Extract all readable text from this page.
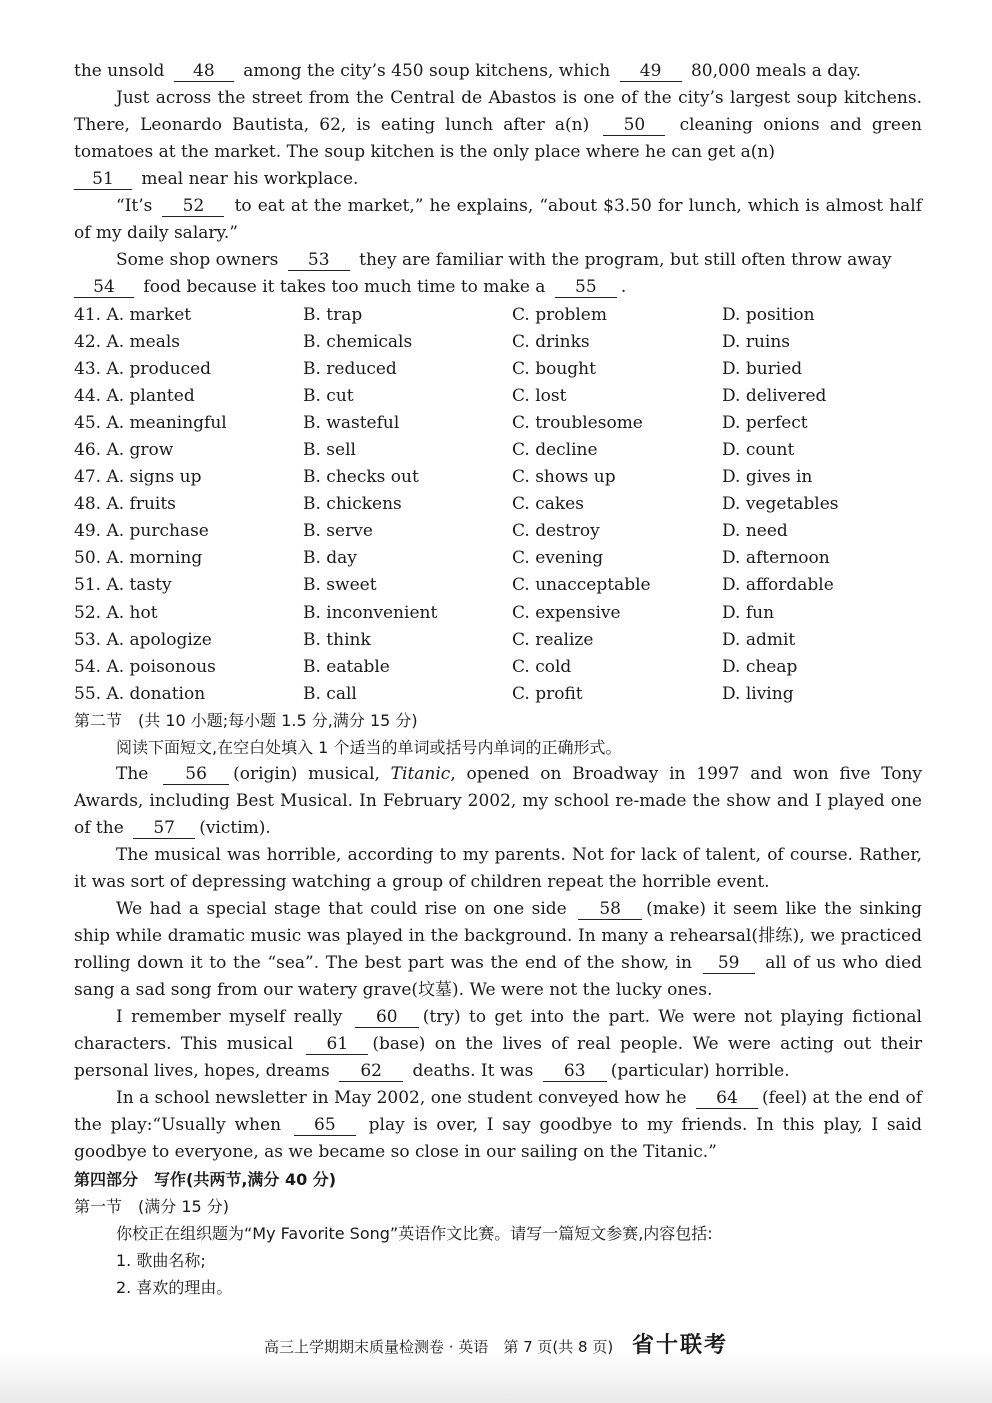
the unsold 48 among the city’s 450 soup kitchens, which 49 80,000 meals a day.

Just across the street from the Central de Abastos is one of the city’s largest soup kitchens. There, Leonardo Bautista, 62, is eating lunch after a(n) 50 cleaning onions and green tomatoes at the market. The soup kitchen is the only place where he can get a(n)
51 meal near his workplace.

“It’s 52 to eat at the market,” he explains, “about $3.50 for lunch, which is almost half of my daily salary.”

Some shop owners 53 they are familiar with the program, but still often throw away
54 food because it takes too much time to make a 55 .

41. A. market	B. trap	C. problem	D. position
42. A. meals	B. chemicals	C. drinks	D. ruins
43. A. produced	B. reduced	C. bought	D. buried
44. A. planted	B. cut	C. lost	D. delivered
45. A. meaningful	B. wasteful	C. troublesome	D. perfect
46. A. grow	B. sell	C. decline	D. count
47. A. signs up	B. checks out	C. shows up	D. gives in
48. A. fruits	B. chickens	C. cakes	D. vegetables
49. A. purchase	B. serve	C. destroy	D. need
50. A. morning	B. day	C. evening	D. afternoon
51. A. tasty	B. sweet	C. unacceptable	D. affordable
52. A. hot	B. inconvenient	C. expensive	D. fun
53. A. apologize	B. think	C. realize	D. admit
54. A. poisonous	B. eatable	C. cold	D. cheap
55. A. donation	B. call	C. profit	D. living

第二节　(共 10 小题;每小题 1.5 分,满分 15 分)

阅读下面短文,在空白处填入 1 个适当的单词或括号内单词的正确形式。

The 56 (origin) musical, Titanic, opened on Broadway in 1997 and won five Tony Awards, including Best Musical. In February 2002, my school re-made the show and I played one of the 57 (victim).

The musical was horrible, according to my parents. Not for lack of talent, of course. Rather, it was sort of depressing watching a group of children repeat the horrible event.

We had a special stage that could rise on one side 58 (make) it seem like the sinking ship while dramatic music was played in the background. In many a rehearsal(排练), we practiced rolling down it to the “sea”. The best part was the end of the show, in 59 all of us who died sang a sad song from our watery grave(坟墓). We were not the lucky ones.

I remember myself really 60 (try) to get into the part. We were not playing fictional characters. This musical 61 (base) on the lives of real people. We were acting out their personal lives, hopes, dreams 62 deaths. It was 63 (particular) horrible.

In a school newsletter in May 2002, one student conveyed how he 64 (feel) at the end of the play:“Usually when 65 play is over, I say goodbye to my friends. In this play, I said goodbye to everyone, as we became so close in our sailing on the Titanic.”

第四部分　写作(共两节,满分 40 分)

第一节　(满分 15 分)

你校正在组织题为“My Favorite Song”英语作文比赛。请写一篇短文参赛,内容包括:

1. 歌曲名称;

2. 喜欢的理由。

高三上学期期末质量检测卷 · 英语　第 7 页(共 8 页) 省十联考
